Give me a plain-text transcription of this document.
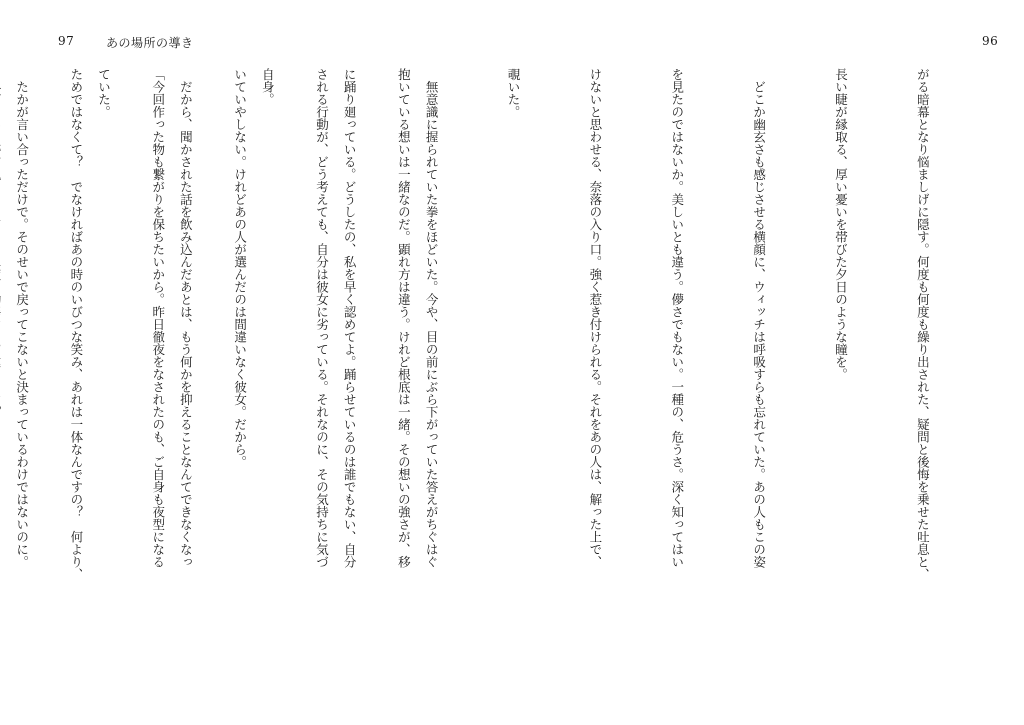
97	あの場所の導き

抱いている想いは一緒なのだ。顕れ方は違う。けれど根底は一緒。その想いの強さが、移

される行動が、どう考えても、自分は彼女に劣っている。それなのに、その気持ちに気づ

いていやしない。けれどあの人が選んだのは間違いなく彼女。だから。

「今回作った物も繋がりを保ちたいから。昨日徹夜をなされたのも、ご自身も夜型になる

ためではなくて？　でなければあの時のいびつな笑み、あれは一体なんですの？　何より、

96

がる暗幕となり悩ましげに隠す。何度も何度も繰り出された、疑問と後悔を乗せた吐息と、

長い睫が縁取る、厚い憂いを帯びた夕日のような瞳を。

　どこか幽玄さも感じさせる横顔に、ウィッチは呼吸すらも忘れていた。あの人もこの姿

を見たのではないか。美しいとも違う。儚さでもない。一種の、危うさ。深く知ってはい

けないと思わせる、奈落の入り口。強く惹き付けられる。それをあの人は、解った上で、

覗いた。

　無意識に握られていた拳をほどいた。今や、目の前にぶら下がっていた答えがちぐはぐ

に踊り廻っている。どうしたの、私を早く認めてよ。踊らせているのは誰でもない、自分

自身。

　だから、聞かされた話を飲み込んだあとは、もう何かを抑えることなんてできなくなっ

ていた。

　たかが言い合っただけで。そのせいで戻ってこないと決まっているわけではないのに。
